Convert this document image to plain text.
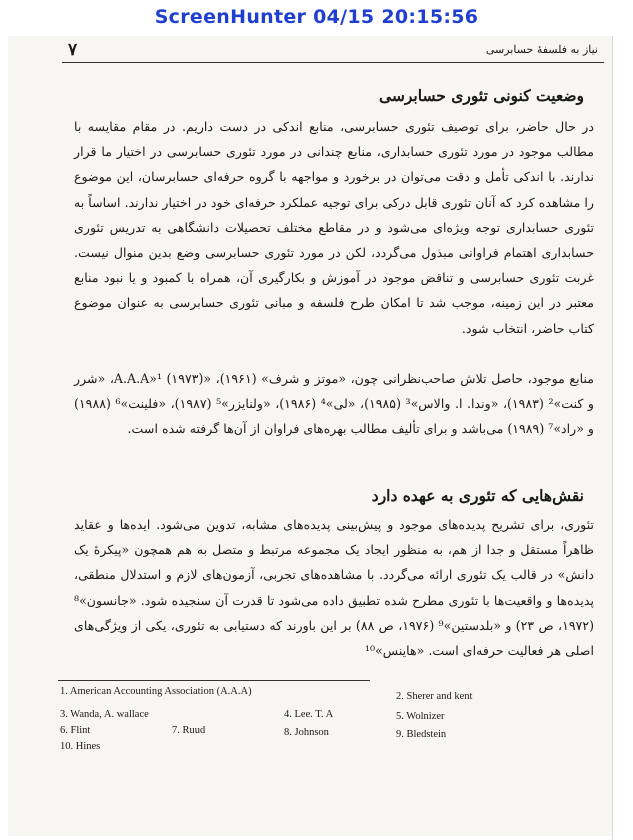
ScreenHunter 04/15 20:15:56
۷	نیاز به فلسفهٔ حسابرسی
وضعیت کنونی تئوری حسابرسی

در حال حاضر، برای توصیف تئوری حسابرسی، منابع اندکی در دست داریم. در مقام مقایسه با مطالب موجود در مورد تئوری حسابداری، منابع چندانی در مورد تئوری حسابرسی در اختیار ما قرار ندارند. با اندکی تأمل و دقت می‌توان در برخورد و مواجهه با گروه حرفه‌ای حسابرسان، این موضوع را مشاهده کرد که آنان تئوری قابل درکی برای توجیه عملکرد حرفه‌ای خود در اختیار ندارند. اساساً به تئوری حسابداری توجه ویژه‌ای می‌شود و در مقاطع مختلف تحصیلات دانشگاهی به تدریس تئوری حسابداری اهتمام فراوانی مبذول می‌گردد، لکن در مورد تئوری حسابرسی وضع بدین منوال نیست. غربت تئوری حسابرسی و تناقض موجود در آموزش و بکارگیری آن، همراه با کمبود و یا نبود منابع معتبر در این زمینه، موجب شد تا امکان طرح فلسفه و مبانی تئوری حسابرسی به عنوان موضوع کتاب حاضر، انتخاب شود.

منابع موجود، حاصل تلاش صاحب‌نظرانی چون، «موتز و شرف» (۱۹۶۱)، «A.A.A»¹ (۱۹۷۳)، «شرر و کنت»² (۱۹۸۳)، «وندا. ا. والاس»³ (۱۹۸۵)، «لی»⁴ (۱۹۸۶)، «ولنایزر»⁵ (۱۹۸۷)، «فلینت»⁶ (۱۹۸۸) و «راد»⁷ (۱۹۸۹) می‌باشد و برای تألیف مطالب بهره‌های فراوان از آن‌ها گرفته شده است.

نقش‌هایی که تئوری به عهده دارد

تئوری، برای تشریح پدیده‌های موجود و پیش‌بینی پدیده‌های مشابه، تدوین می‌شود. ایده‌ها و عقاید ظاهراً مستقل و جدا از هم، به منظور ایجاد یک مجموعه مرتبط و متصل به هم همچون «پیکرهٔ یک دانش» در قالب یک تئوری ارائه می‌گردد. با مشاهده‌های تجربی، آزمون‌های لازم و استدلال منطقی، پدیده‌ها و واقعیت‌ها با تئوری مطرح شده تطبیق داده می‌شود تا قدرت آن سنجیده شود. «جانسون»⁸ (۱۹۷۲، ص ۲۳) و «بلدستین»⁹ (۱۹۷۶، ص ۸۸) بر این باورند که دستیابی به تئوری، یکی از ویژگی‌های اصلی هر فعالیت حرفه‌ای است. «هاینس»¹⁰

1. American Accounting Association (A.A.A)	2. Sherer and kent
3. Wanda, A. wallace	4. Lee. T. A	5. Wolnizer
6. Flint	7. Ruud	8. Johnson	9. Bledstein
10. Hines
